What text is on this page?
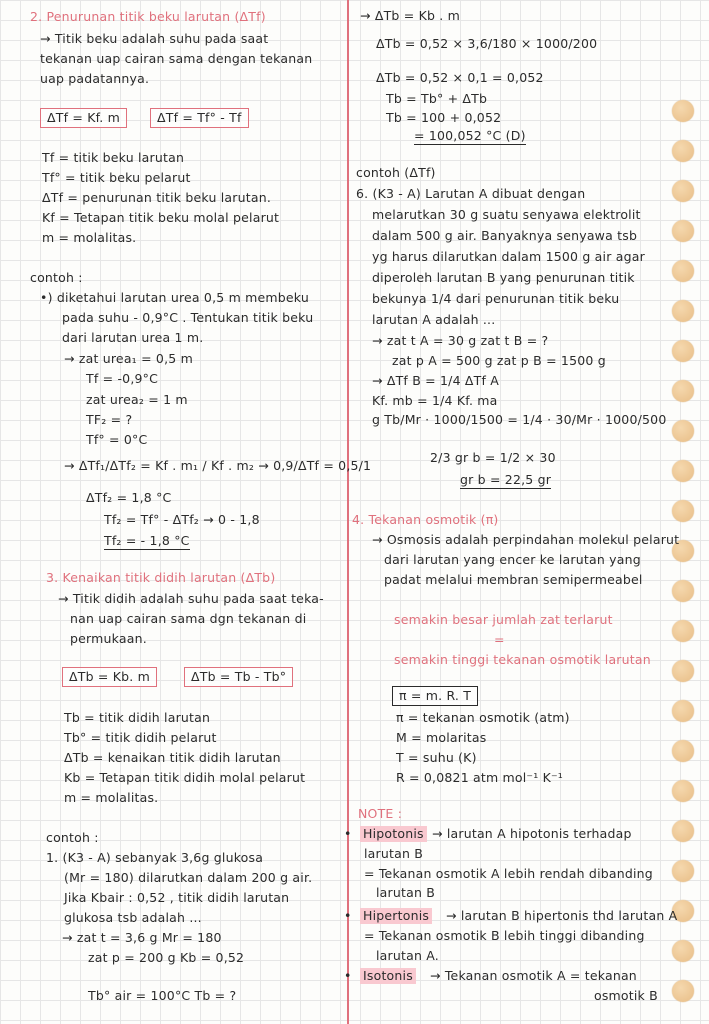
2. Penurunan titik beku larutan (ΔTf)
→ Titik beku adalah suhu pada saat
tekanan uap cairan sama dengan tekanan
uap padatannya.
ΔTf = Kf. m	ΔTf = Tf° - Tf
Tf = titik beku larutan
Tf° = titik beku pelarut
ΔTf = penurunan titik beku larutan.
Kf = Tetapan titik beku molal pelarut
m = molalitas.
contoh :
•) diketahui larutan urea 0,5 m membeku
pada suhu - 0,9°C . Tentukan titik beku
dari larutan urea 1 m.
→ zat urea₁ = 0,5 m
Tf = -0,9°C
zat urea₂ = 1 m
TF₂ = ?
Tf° = 0°C
→ ΔTf₁/ΔTf₂ = Kf . m₁ / Kf . m₂ → 0,9/ΔTf = 0,5/1
ΔTf₂ = 1,8 °C
Tf₂ = Tf° - ΔTf₂ → 0 - 1,8
Tf₂ = - 1,8 °C
3. Kenaikan titik didih larutan (ΔTb)
→ Titik didih adalah suhu pada saat teka-
nan uap cairan sama dgn tekanan di
permukaan.
ΔTb = Kb. m	ΔTb = Tb - Tb°
Tb = titik didih larutan
Tb° = titik didih pelarut
ΔTb = kenaikan titik didih larutan
Kb = Tetapan titik didih molal pelarut
m = molalitas.
contoh :
1. (K3 - A) sebanyak 3,6g glukosa
(Mr = 180) dilarutkan dalam 200 g air.
Jika Kbair : 0,52 , titik didih larutan
glukosa tsb adalah ...
→ zat t = 3,6 g Mr = 180
zat p = 200 g Kb = 0,52
Tb° air = 100°C Tb = ?
→ ΔTb = Kb . m
ΔTb = 0,52 × 3,6/180 × 1000/200
ΔTb = 0,52 × 0,1 = 0,052
Tb = Tb° + ΔTb
Tb = 100 + 0,052
= 100,052 °C (D)
contoh (ΔTf)
6. (K3 - A) Larutan A dibuat dengan
melarutkan 30 g suatu senyawa elektrolit
dalam 500 g air. Banyaknya senyawa tsb
yg harus dilarutkan dalam 1500 g air agar
diperoleh larutan B yang penurunan titik
bekunya 1/4 dari penurunan titik beku
larutan A adalah ...
→ zat t A = 30 g zat t B = ?
zat p A = 500 g zat p B = 1500 g
→ ΔTf B = 1/4 ΔTf A
Kf. mb = 1/4 Kf. ma
g Tb/Mr · 1000/1500 = 1/4 · 30/Mr · 1000/500
2/3 gr b = 1/2 × 30
gr b = 22,5 gr
4. Tekanan osmotik (π)
→ Osmosis adalah perpindahan molekul pelarut
dari larutan yang encer ke larutan yang
padat melalui membran semipermeabel
semakin besar jumlah zat terlarut
=
semakin tinggi tekanan osmotik larutan
π = m. R. T
π = tekanan osmotik (atm)
M = molaritas
T = suhu (K)
R = 0,0821 atm mol⁻¹ K⁻¹
NOTE :
• Hipotonis → larutan A hipotonis terhadap
larutan B
= Tekanan osmotik A lebih rendah dibanding
larutan B
• Hipertonis → larutan B hipertonis thd larutan A
= Tekanan osmotik B lebih tinggi dibanding
larutan A.
• Isotonis → Tekanan osmotik A = tekanan
osmotik B
